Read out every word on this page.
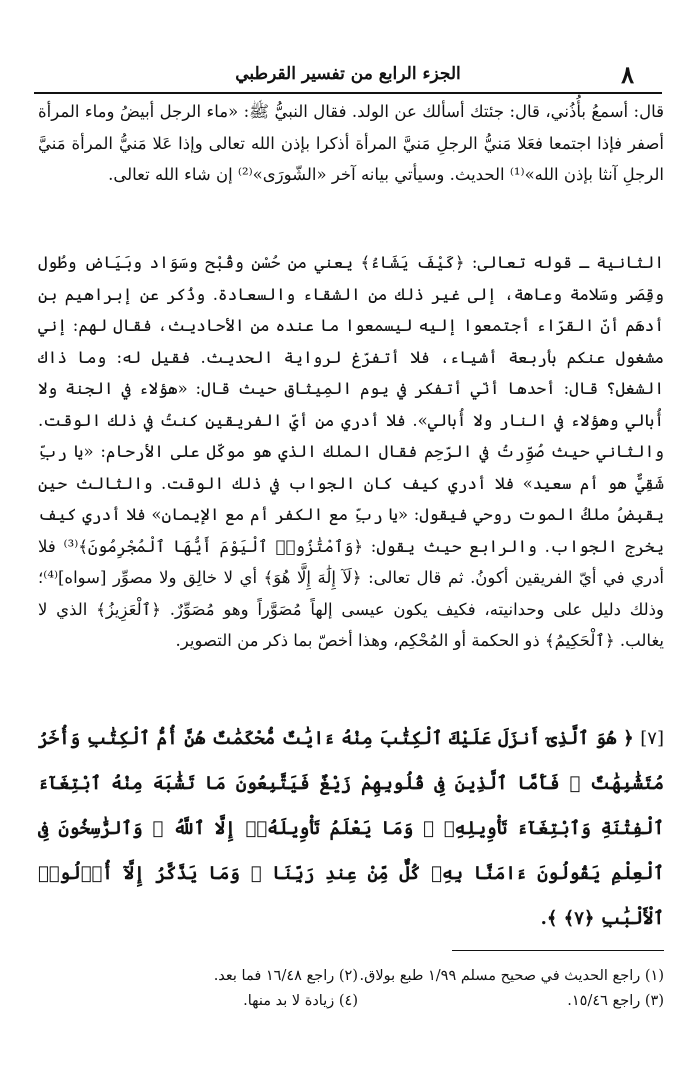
٨
الجزء الرابع من تفسير القرطبي
قال: أسمعُ بأُذُني، قال: جئتك أسألك عن الولد. فقال النبيُّ ﷺ: «ماء الرجل أبيضُ وماء المرأة أصفر فإذا اجتمعا فعَلا مَنيُّ الرجلِ مَنيَّ المرأة أذكرا بإذن الله تعالى وإذا عَلا مَنيُّ المرأة مَنيَّ الرجلِ آنثا بإذن الله»⁽¹⁾ الحديث. وسيأتي بيانه آخر «الشّورَى»⁽²⁾ إن شاء الله تعالى.
الثانية ـ قوله تعالى: ﴿كَيْفَ يَشَاءُ﴾ يعني من حُسْن وقُبْح وسَوَاد وبَيَاض وطُول وقِصَر وسَلامة وعاهة، إلى غير ذلك من الشقاء والسعادة. وذُكر عن إبراهيم بن أدهَم أنّ القرّاء أجتمعوا إليه ليسمعوا ما عنده من الأحاديث، فقال لهم: إني مشغول عنكم بأربعة أشياء، فلا أتفرّغ لرواية الحديث. فقيل له: وما ذاك الشغل؟ قال: أحدها أنّي أتفكر في يوم المِيثاق حيث قال: «هؤلاء في الجنة ولا أُبالي وهؤلاء في النار ولا أُبالي». فلا أدري من أيّ الفريقين كنتُ في ذلك الوقت. والثاني حيث صُوِّرتُ في الرّحِم فقال الملك الذي هو موكّل على الأرحام: «يا ربِّ شَقِيٌّ هو أم سعيد» فلا أدري كيف كان الجواب في ذلك الوقت. والثالث حين يقبِضُ ملكُ الموت روحي فيقول: «يا ربِّ مع الكفر أم مع الإيمان» فلا أدري كيف يخرج الجواب. والرابع حيث يقول: ﴿وَٱمْتَٰزُوا۟ ٱلْيَوْمَ أَيُّهَا ٱلْمُجْرِمُونَ﴾⁽³⁾ فلا أدري في أيّ الفريقين أكونُ. ثم قال تعالى: ﴿لَآ إِلَٰهَ إِلَّا هُوَ﴾ أي لا خالِق ولا مصوِّر [سواه]⁽⁴⁾؛ وذلك دليل على وحدانيته، فكيف يكون عيسى إلهاً مُصَوَّراً وهو مُصَوِّرٌ. ﴿ٱلْعَزِيزُ﴾ الذي لا يغالب. ﴿ٱلْحَكِيمُ﴾ ذو الحكمة أو المُحْكِم، وهذا أخصّ بما ذكر من التصوير.
[٧] ﴿ هُوَ ٱلَّذِىٓ أَنزَلَ عَلَيْكَ ٱلْكِتَٰبَ مِنْهُ ءَايَٰتٌ مُّحْكَمَٰتٌ هُنَّ أُمُّ ٱلْكِتَٰبِ وَأُخَرُ مُتَشَٰبِهَٰتٌ ۖ فَأَمَّا ٱلَّذِينَ فِى قُلُوبِهِمْ زَيْغٌ فَيَتَّبِعُونَ مَا تَشَٰبَهَ مِنْهُ ٱبْتِغَآءَ ٱلْفِتْنَةِ وَٱبْتِغَآءَ تَأْوِيلِهِۦ ۗ وَمَا يَعْلَمُ تَأْوِيلَهُۥٓ إِلَّا ٱللَّهُ ۗ وَٱلرَّٰسِخُونَ فِى ٱلْعِلْمِ يَقُولُونَ ءَامَنَّا بِهِۦ كُلٌّ مِّنْ عِندِ رَبِّنَا ۗ وَمَا يَذَّكَّرُ إِلَّآ أُو۟لُوا۟ ٱلْأَلْبَٰبِ ﴿٧﴾ ﴾.
(١) راجع الحديث في صحيح مسلم ١/٩٩ طبع بولاق.
(٢) راجع ١٦/٤٨ فما بعد.
(٣) راجع ١٥/٤٦.
(٤) زيادة لا بد منها.
